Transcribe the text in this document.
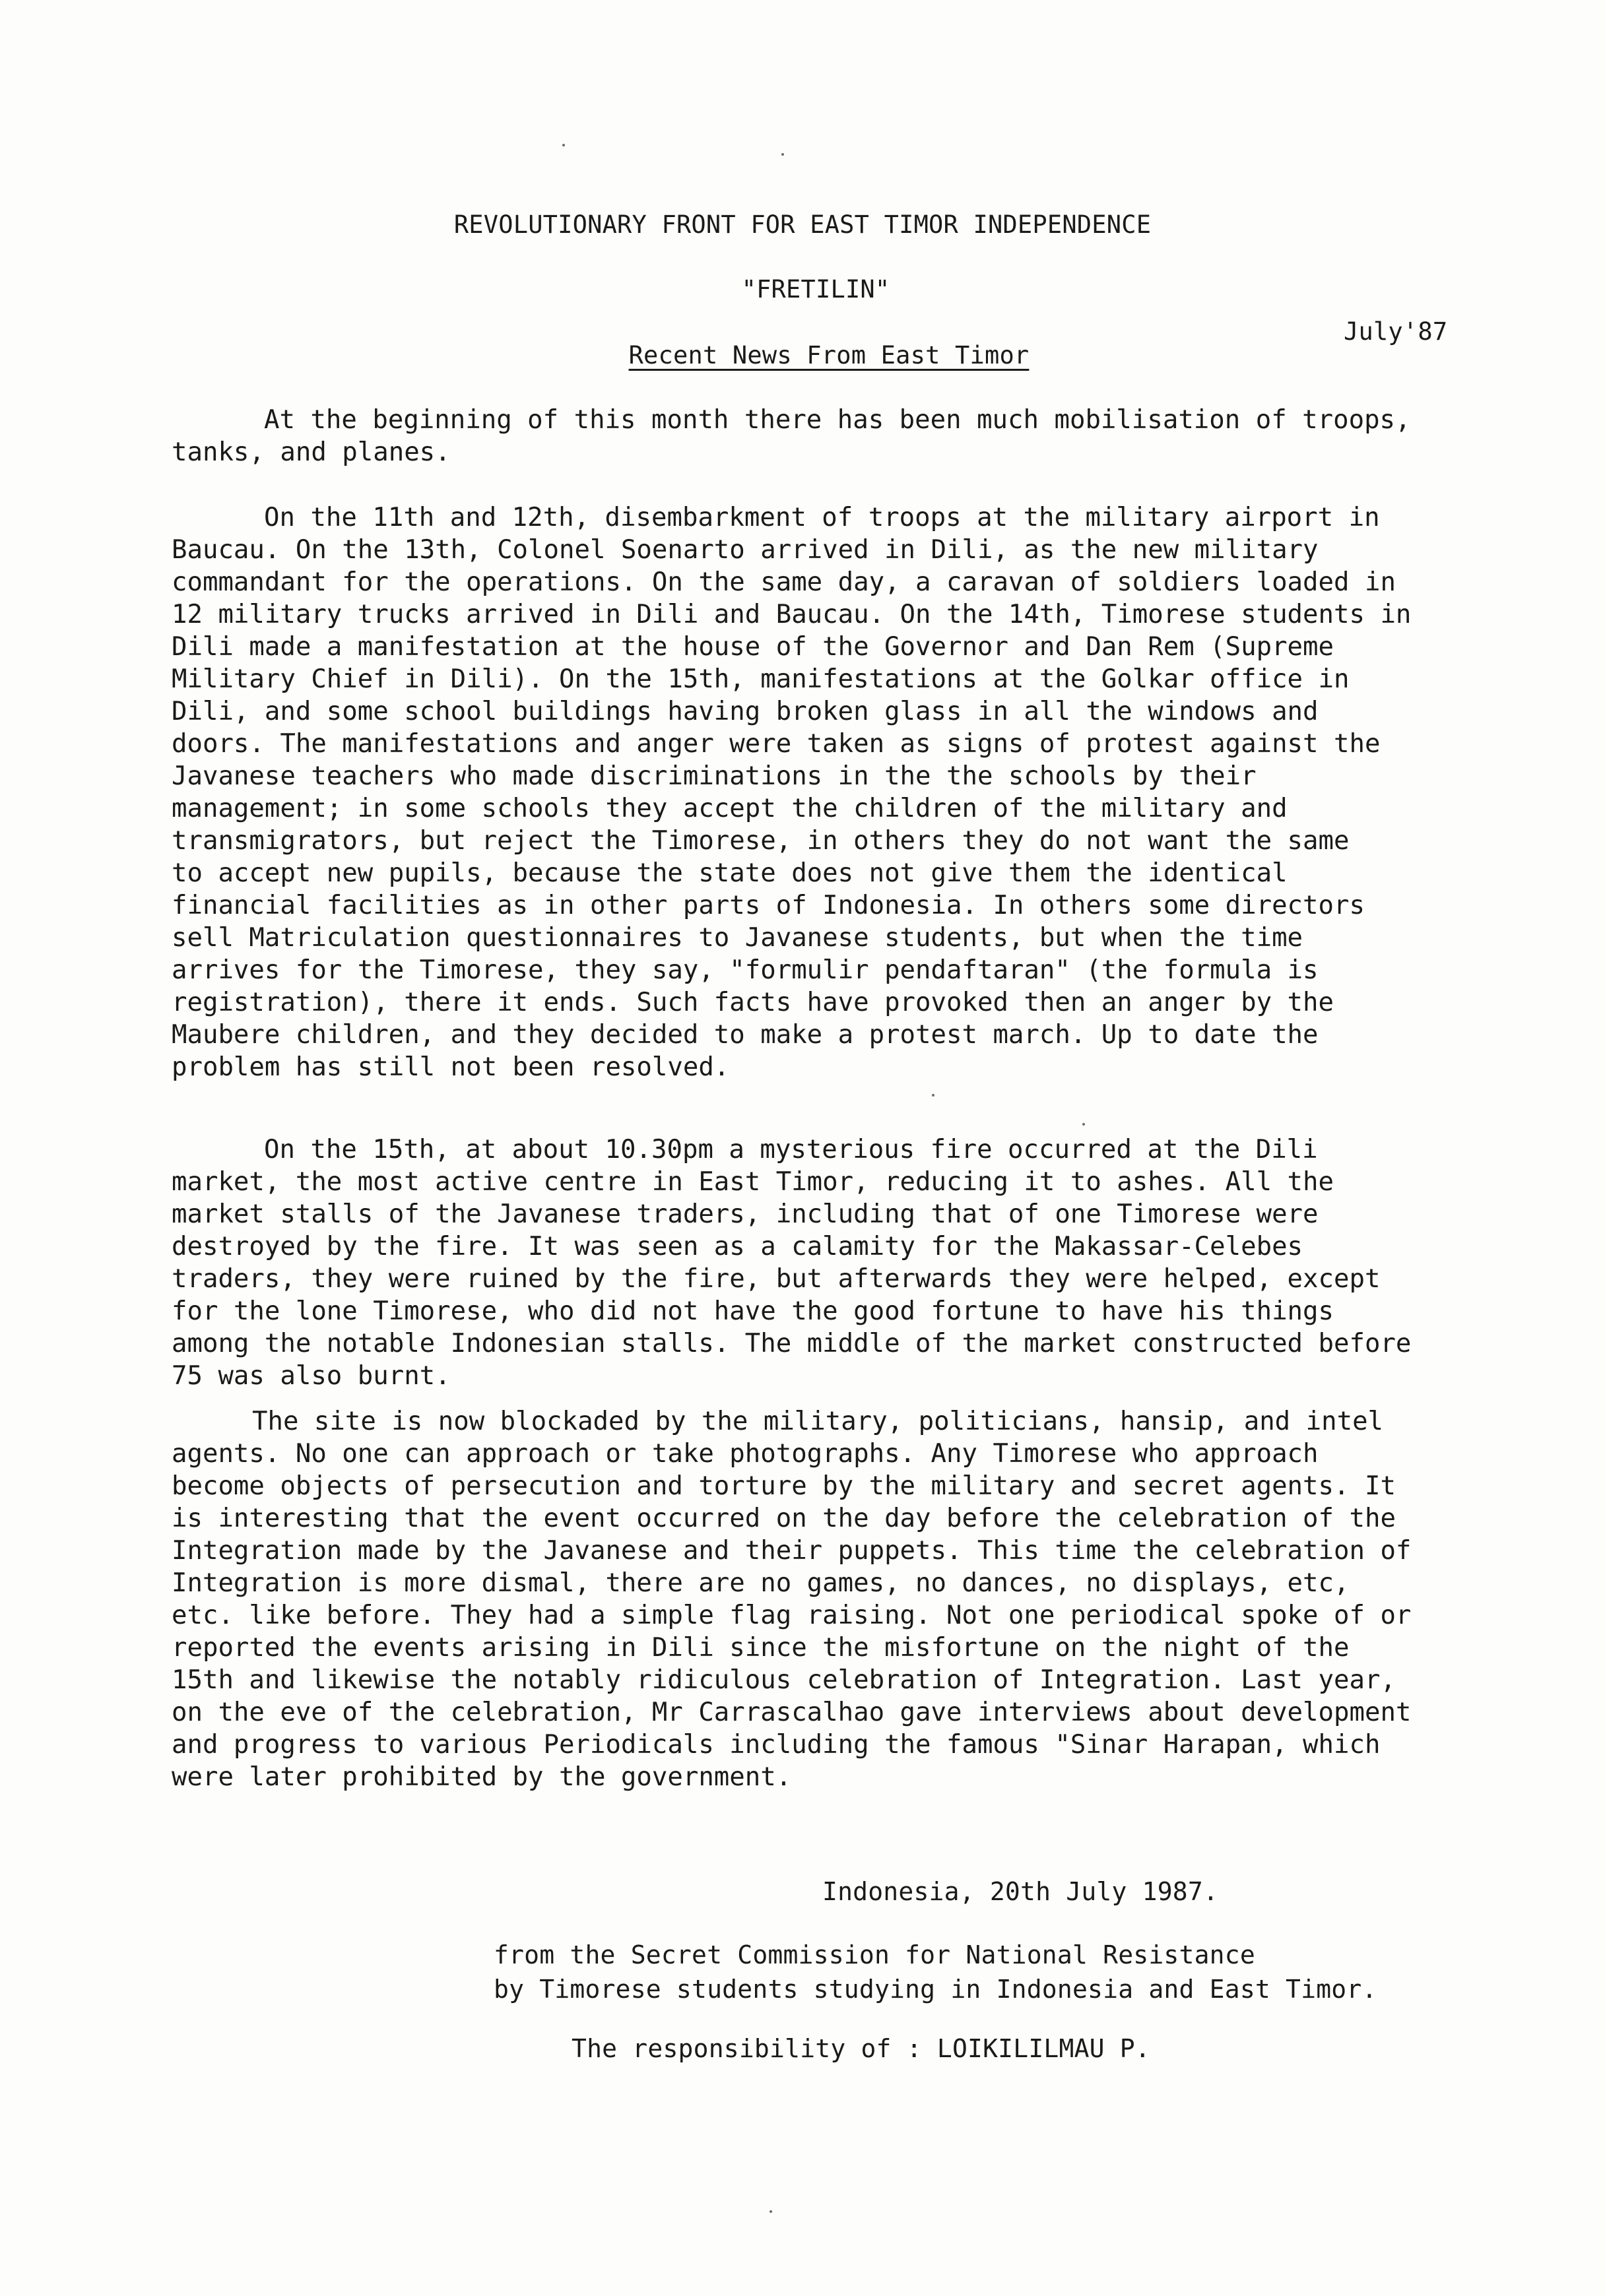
REVOLUTIONARY FRONT FOR EAST TIMOR INDEPENDENCE
"FRETILIN"
July'87
Recent News From East Timor
At the beginning of this month there has been much mobilisation of troops,
tanks, and planes.
On the 11th and 12th, disembarkment of troops at the military airport in
Baucau. On the 13th, Colonel Soenarto arrived in Dili, as the new military
commandant for the operations. On the same day, a caravan of soldiers loaded in
12 military trucks arrived in Dili and Baucau. On the 14th, Timorese students in
Dili made a manifestation at the house of the Governor and Dan Rem (Supreme
Military Chief in Dili). On the 15th, manifestations at the Golkar office in
Dili, and some school buildings having broken glass in all the windows and
doors. The manifestations and anger were taken as signs of protest against the
Javanese teachers who made discriminations in the the schools by their
management; in some schools they accept the children of the military and
transmigrators, but reject the Timorese, in others they do not want the same
to accept new pupils, because the state does not give them the identical
financial facilities as in other parts of Indonesia. In others some directors
sell Matriculation questionnaires to Javanese students, but when the time
arrives for the Timorese, they say, "formulir pendaftaran" (the formula is
registration), there it ends. Such facts have provoked then an anger by the
Maubere children, and they decided to make a protest march. Up to date the
problem has still not been resolved.
On the 15th, at about 10.30pm a mysterious fire occurred at the Dili
market, the most active centre in East Timor, reducing it to ashes. All the
market stalls of the Javanese traders, including that of one Timorese were
destroyed by the fire. It was seen as a calamity for the Makassar-Celebes
traders, they were ruined by the fire, but afterwards they were helped, except
for the lone Timorese, who did not have the good fortune to have his things
among the notable Indonesian stalls. The middle of the market constructed before
75 was also burnt.
The site is now blockaded by the military, politicians, hansip, and intel
agents. No one can approach or take photographs. Any Timorese who approach
become objects of persecution and torture by the military and secret agents. It
is interesting that the event occurred on the day before the celebration of the
Integration made by the Javanese and their puppets. This time the celebration of
Integration is more dismal, there are no games, no dances, no displays, etc,
etc. like before. They had a simple flag raising. Not one periodical spoke of or
reported the events arising in Dili since the misfortune on the night of the
15th and likewise the notably ridiculous celebration of Integration. Last year,
on the eve of the celebration, Mr Carrascalhao gave interviews about development
and progress to various Periodicals including the famous "Sinar Harapan, which
were later prohibited by the government.
Indonesia, 20th July 1987.
from the Secret Commission for National Resistance
by Timorese students studying in Indonesia and East Timor.
The responsibility of : LOIKILILMAU P.
